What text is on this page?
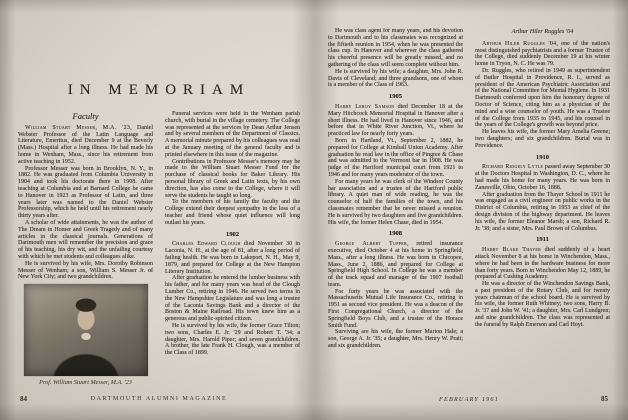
IN MEMORIAM
Faculty

William Stuart Messer, M.A. '23, Daniel Webster Professor of the Latin Language and Literature, Emeritus, died December 9 at the Beverly (Mass.) Hospital after a long illness. He had made his home in Wenham, Mass., since his retirement from active teaching in 1952.

Professor Messer was born in Brooklyn, N. Y., in 1882. He was graduated from Columbia University in 1904 and took his doctorate there in 1908. After teaching at Columbia and at Barnard College he came to Hanover in 1923 as Professor of Latin, and three years later was named to the Daniel Webster Professorship, which he held until his retirement nearly thirty years after.

A scholar of wide attainments, he was the author of The Dream in Homer and Greek Tragedy and of many articles in the classical journals. Generations of Dartmouth men will remember the precision and grace of his teaching, his dry wit, and the unfailing courtesy with which he met students and colleagues alike.

He is survived by his wife, Mrs. Dorothy Robinson Messer of Wenham; a son, William S. Messer Jr. of New York City; and two grandchildren.

Prof. William Stuart Messer, M.A. '23

Funeral services were held in the Wenham parish church, with burial in the village cemetery. The College was represented at the services by Dean Arthur Jensen and by several members of the Department of Classics. A memorial minute prepared by his colleagues was read at the January meeting of the general faculty and is printed elsewhere in this issue of the magazine.

Contributions in Professor Messer's memory may be made to the William Stuart Messer Fund for the purchase of classical books for Baker Library. His personal library of Greek and Latin texts, by his own direction, has also come to the College, where it will serve the students he taught so long.

To the members of his family the faculty and the College extend their deepest sympathy in the loss of a teacher and friend whose quiet influence will long outlast his years.

1902

Charles Edward Clough died November 30 in Laconia, N. H., at the age of 81, after a long period of failing health. He was born in Lakeport, N. H., May 9, 1879, and prepared for College at the New Hampton Literary Institution.

After graduation he entered the lumber business with his father, and for many years was head of the Clough Lumber Co., retiring in 1946. He served two terms in the New Hampshire Legislature and was long a trustee of the Laconia Savings Bank and a director of the Boston & Maine Railroad. His town knew him as a generous and public-spirited citizen.

He is survived by his wife, the former Grace Tilton; two sons, Charles E. Jr. '29 and Robert T. '34; a daughter, Mrs. Harold Piper; and seven grandchildren. A brother, the late Frank H. Clough, was a member of the Class of 1899.

84	DARTMOUTH ALUMNI MAGAZINE

He was class agent for many years, and his devotion to Dartmouth and to his classmates was recognized at the fiftieth reunion in 1954, when he was presented the class cup. In Hanover and wherever the class gathered his cheerful presence will be greatly missed, and no gathering of the class will seem complete without him.

He is survived by his wife; a daughter, Mrs. John R. Davis of Cleveland; and three grandsons, one of whom is a member of the Class of 1963.

1905

Harry Leroy Samson died December 18 at the Mary Hitchcock Memorial Hospital in Hanover after a short illness. He had lived in Hanover since 1946, and before that in White River Junction, Vt., where he practiced law for nearly forty years.

Born in Hartland, Vt., September 2, 1882, he prepared for College at Kimball Union Academy. After graduation he read law in the office of Pingree & Chase and was admitted to the Vermont bar in 1908. He was judge of the Hartford municipal court from 1921 to 1946 and for many years moderator of the town.

For many years he was clerk of the Windsor County bar association and a trustee of the Hartford public library. A quiet man of wide reading, he was the counselor of half the families of the town, and his classmates remember that he never missed a reunion. He is survived by two daughters and five grandchildren. His wife, the former Helen Chase, died in 1954.

1908

George Albert Tupper, retired insurance executive, died October 4 at his home in Springfield, Mass., after a long illness. He was born in Chicopee, Mass., June 2, 1886, and prepared for College at Springfield High School. In College he was a member of the track squad and manager of the 1907 football team.

For forty years he was associated with the Massachusetts Mutual Life Insurance Co., retiring in 1951 as second vice president. He was a deacon of the First Congregational Church, a director of the Springfield Boys Club, and a trustee of the Horace Smith Fund.

Surviving are his wife, the former Marion Hale; a son, George A. Jr. '35; a daughter, Mrs. Henry W. Pratt; and six grandchildren.

Arthur Hiler Ruggles '04

Arthur Hiler Ruggles '04, one of the nation's most distinguished psychiatrists and a former Trustee of the College, died suddenly December 19 at his winter home in Tryon, N. C. He was 79.

Dr. Ruggles, who retired in 1949 as superintendent of Butler Hospital in Providence, R. I., served as president of the American Psychiatric Association and of the National Committee for Mental Hygiene. In 1931 Dartmouth conferred upon him the honorary degree of Doctor of Science, citing him as a physician of the mind and a wise counselor of youth. He was a Trustee of the College from 1935 to 1945, and his counsel in the years of the College's growth was beyond price.

He leaves his wife, the former Mary Amelia Greene; two daughters; and six grandchildren. Burial was in Providence.

1910

Richard Ridgely Lytle passed away September 30 at the Doctors Hospital in Washington, D. C., where he had made his home for many years. He was born in Zanesville, Ohio, October 16, 1888.

After graduation from the Thayer School in 1911 he was engaged as a civil engineer on public works in the District of Columbia, retiring in 1953 as chief of the design division of the highway department. He leaves his wife, the former Eleanor Marsh; a son, Richard R. Jr. '38; and a sister, Mrs. Paul Brown of Columbus.

1911

Harry Blake Thayer died suddenly of a heart attack November 8 at his home in Winchendon, Mass., where he had been in the hardware business for more than forty years. Born in Winchendon May 12, 1889, he prepared at Cushing Academy.

He was a director of the Winchendon Savings Bank, a past president of the Rotary Club, and for twenty years chairman of the school board. He is survived by his wife, the former Ruth Whitney; two sons, Harry B. Jr. '37 and John W. '41; a daughter, Mrs. Carl Lundgren; and nine grandchildren. The class was represented at the funeral by Ralph Emerson and Carl Hoyt.

FEBRUARY 1961	85
